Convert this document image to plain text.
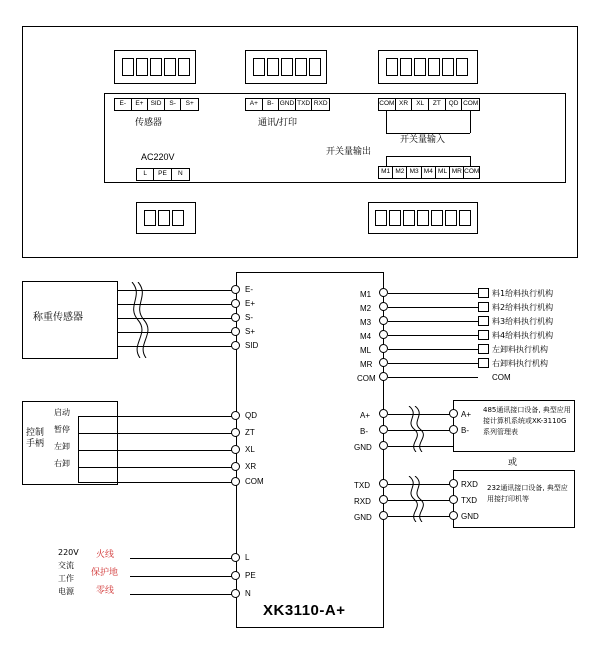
E-	E+	SID	S-	S+
传感器
A+	B- GND TXD RXD
通讯/打印
COM XR	XL	ZT	QD COM
开关量输入
开关量输出
M1 M2 M3 M4 ML MR COM
AC220V
L	PE	N
XK3110-A+
称重传感器
E-
E+
S-
S+
SID
控制手柄
启动
暂停
左卸
右卸
QD
ZT
XL
XR
COM
220V
交流
工作
电源
火线
保护地
零线
L
PE
N
M1
M2
M3
M4
ML
MR
COM
料1给料执行机构
料2给料执行机构
料3给料执行机构
料4给料执行机构
左卸料执行机构
右卸料执行机构
COM
A+
B-
GND
A+
B-
485通讯接口设备, 典型应用接计算机系统或XK-3110G系列管理表
或
TXD
RXD
GND
RXD
TXD
GND
232通讯接口设备, 典型应用接打印机等
